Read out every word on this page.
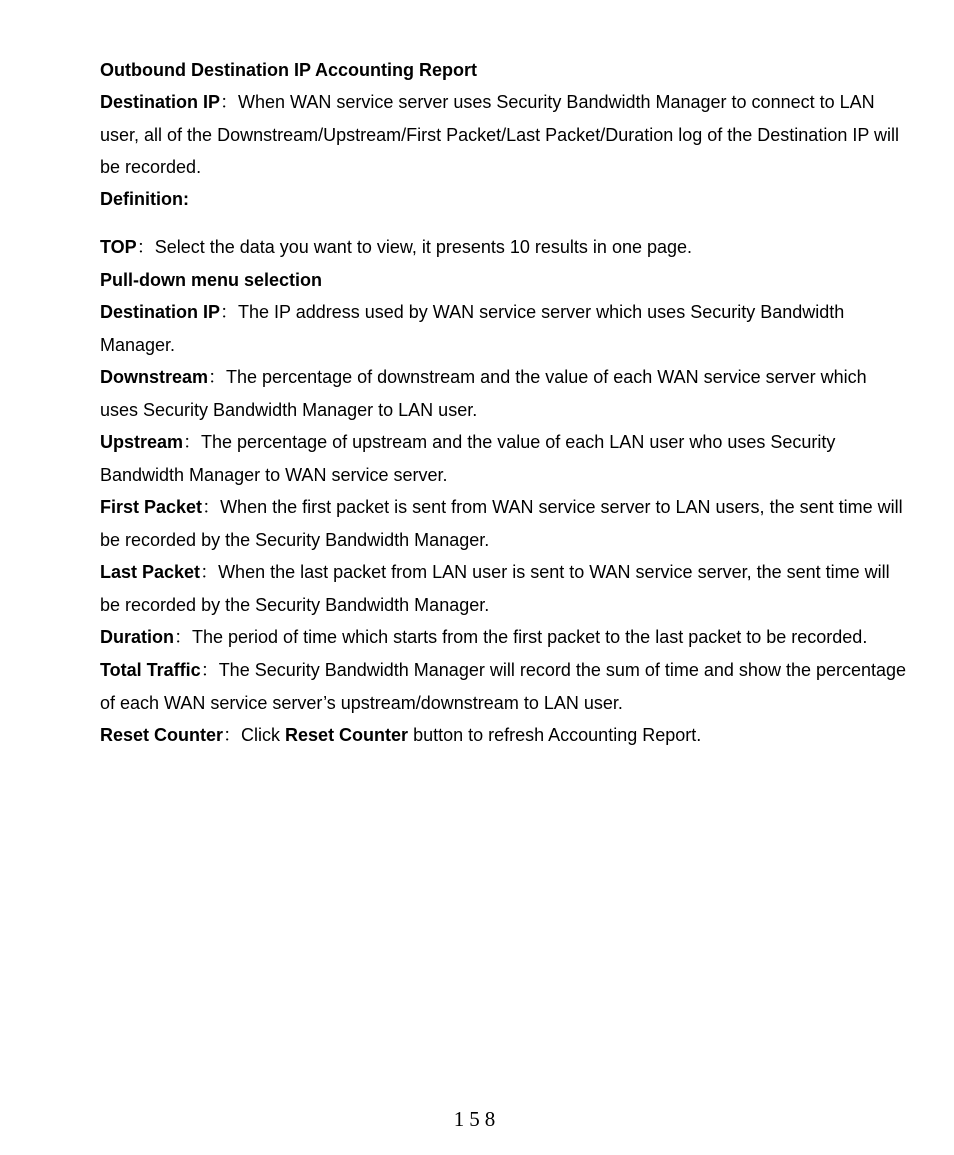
Outbound Destination IP Accounting Report

Destination IP：When WAN service server uses Security Bandwidth Manager to connect to LAN user, all of the Downstream/Upstream/First Packet/Last Packet/Duration log of the Destination IP will be recorded.

Definition:

TOP：Select the data you want to view, it presents 10 results in one page.

Pull-down menu selection

Destination IP：The IP address used by WAN service server which uses Security Bandwidth Manager.

Downstream：The percentage of downstream and the value of each WAN service server which uses Security Bandwidth Manager to LAN user.

Upstream：The percentage of upstream and the value of each LAN user who uses Security Bandwidth Manager to WAN service server.

First Packet：When the first packet is sent from WAN service server to LAN users, the sent time will be recorded by the Security Bandwidth Manager.

Last Packet：When the last packet from LAN user is sent to WAN service server, the sent time will be recorded by the Security Bandwidth Manager.

Duration：The period of time which starts from the first packet to the last packet to be recorded.

Total Traffic：The Security Bandwidth Manager will record the sum of time and show the percentage of each WAN service server’s upstream/downstream to LAN user.

Reset Counter：Click Reset Counter button to refresh Accounting Report.

158
